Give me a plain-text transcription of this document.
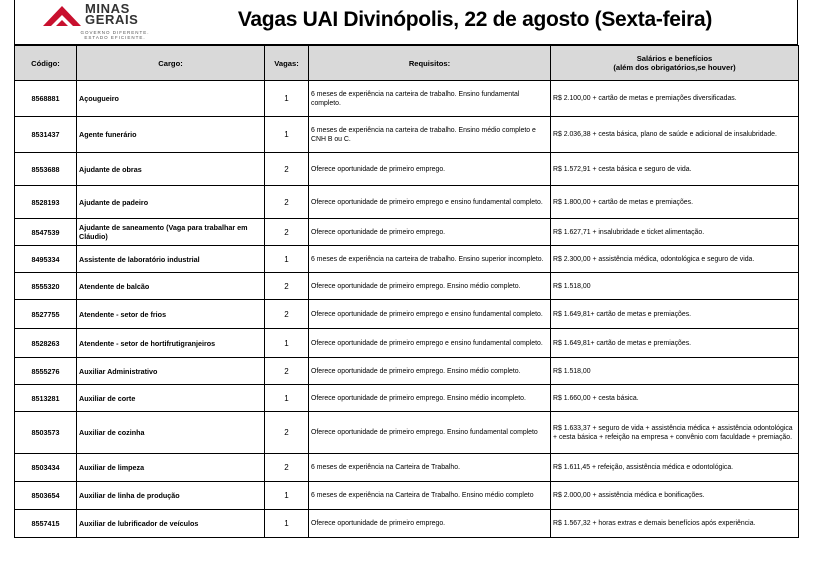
MINAS
GERAIS
GOVERNO DIFERENTE.
ESTADO EFICIENTE.
Vagas UAI Divinópolis, 22 de agosto (Sexta-feira)
Código:	Cargo:	Vagas:	Requisitos:	Salários e benefícios
(além dos obrigatórios,se houver)

8568881	Açougueiro	1	6 meses de experiência na carteira de trabalho. Ensino fundamental completo.	R$ 2.100,00 + cartão de metas e premiações diversificadas.
8531437	Agente funerário	1	6 meses de experiência na carteira de trabalho. Ensino médio completo e CNH B ou C.	R$ 2.036,38 + cesta básica, plano de saúde e adicional de insalubridade.
8553688	Ajudante de obras	2	Oferece oportunidade de primeiro emprego.	R$ 1.572,91 + cesta básica e seguro de vida.
8528193	Ajudante de padeiro	2	Oferece oportunidade de primeiro emprego e ensino fundamental completo.	R$ 1.800,00 + cartão de metas e premiações.
8547539	Ajudante de saneamento (Vaga para trabalhar em Cláudio)	2	Oferece oportunidade de primeiro emprego.	R$ 1.627,71 + insalubridade e ticket alimentação.
8495334	Assistente de laboratório industrial	1	6 meses de experiência na carteira de trabalho. Ensino superior incompleto.	R$ 2.300,00 + assistência médica, odontológica e seguro de vida.
8555320	Atendente de balcão	2	Oferece oportunidade de primeiro emprego. Ensino médio completo.	R$ 1.518,00
8527755	Atendente - setor de frios	2	Oferece oportunidade de primeiro emprego e ensino fundamental completo.	R$ 1.649,81+ cartão de metas e premiações.
8528263	Atendente - setor de hortifrutigranjeiros	1	Oferece oportunidade de primeiro emprego e ensino fundamental completo.	R$ 1.649,81+ cartão de metas e premiações.
8555276	Auxiliar Administrativo	2	Oferece oportunidade de primeiro emprego. Ensino médio completo.	R$ 1.518,00
8513281	Auxiliar de corte	1	Oferece oportunidade de primeiro emprego. Ensino médio incompleto.	R$ 1.660,00 + cesta básica.
8503573	Auxiliar de cozinha	2	Oferece oportunidade de primeiro emprego. Ensino fundamental completo	R$ 1.633,37 + seguro de vida + assistência médica + assistência odontológica + cesta básica + refeição na empresa + convênio com faculdade + premiação.
8503434	Auxiliar de limpeza	2	6 meses de experiência na Carteira de Trabalho.	R$ 1.611,45 + refeição, assistência médica e odontológica.
8503654	Auxiliar de linha de produção	1	6 meses de experiência na Carteira de Trabalho. Ensino médio completo	R$ 2.000,00 + assistência médica e bonificações.
8557415	Auxiliar de lubrificador de veículos	1	Oferece oportunidade de primeiro emprego.	R$ 1.567,32 + horas extras e demais benefícios após experiência.
